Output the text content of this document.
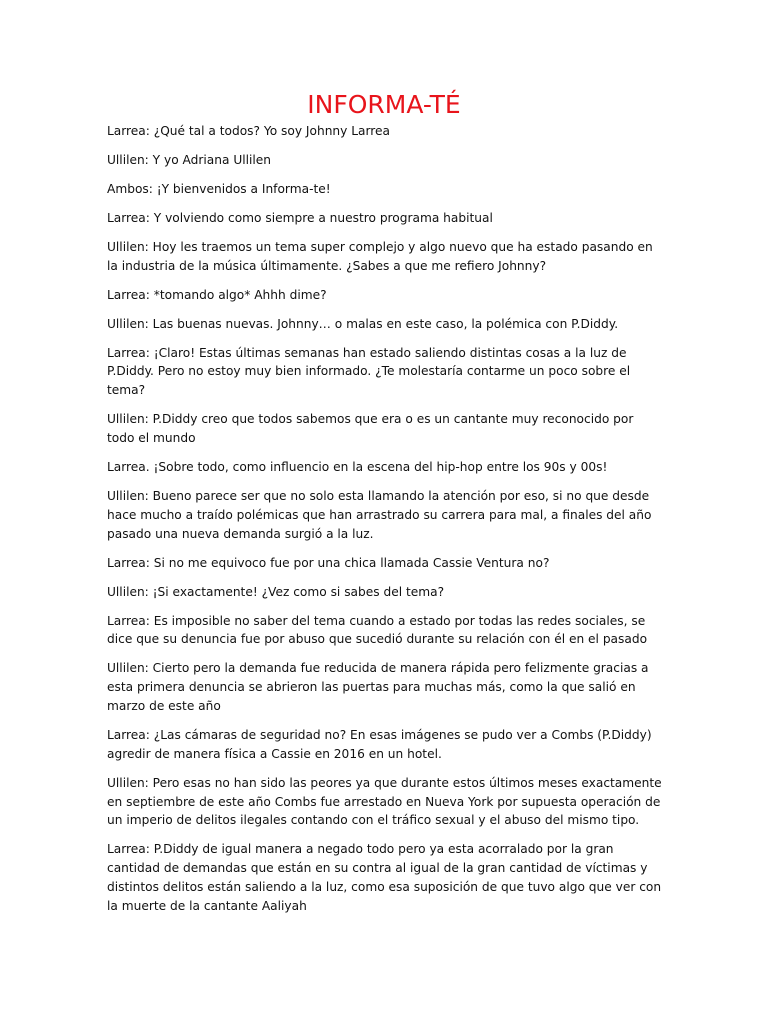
INFORMA-TÉ

Larrea: ¿Qué tal a todos? Yo soy Johnny Larrea

Ullilen: Y yo Adriana Ullilen

Ambos: ¡Y bienvenidos a Informa-te!

Larrea: Y volviendo como siempre a nuestro programa habitual

Ullilen: Hoy les traemos un tema super complejo y algo nuevo que ha estado pasando en la industria de la música últimamente. ¿Sabes a que me refiero Johnny?

Larrea: *tomando algo* Ahhh dime?

Ullilen: Las buenas nuevas. Johnny… o malas en este caso, la polémica con P.Diddy.

Larrea: ¡Claro! Estas últimas semanas han estado saliendo distintas cosas a la luz de P.Diddy. Pero no estoy muy bien informado. ¿Te molestaría contarme un poco sobre el tema?

Ullilen: P.Diddy creo que todos sabemos que era o es un cantante muy reconocido por todo el mundo

Larrea. ¡Sobre todo, como influencio en la escena del hip-hop entre los 90s y 00s!

Ullilen: Bueno parece ser que no solo esta llamando la atención por eso, si no que desde hace mucho a traído polémicas que han arrastrado su carrera para mal, a finales del año pasado una nueva demanda surgió a la luz.

Larrea: Si no me equivoco fue por una chica llamada Cassie Ventura no?

Ullilen: ¡Si exactamente! ¿Vez como si sabes del tema?

Larrea: Es imposible no saber del tema cuando a estado por todas las redes sociales, se dice que su denuncia fue por abuso que sucedió durante su relación con él en el pasado

Ullilen: Cierto pero la demanda fue reducida de manera rápida pero felizmente gracias a esta primera denuncia se abrieron las puertas para muchas más, como la que salió en marzo de este año

Larrea: ¿Las cámaras de seguridad no? En esas imágenes se pudo ver a Combs (P.Diddy) agredir de manera física a Cassie en 2016 en un hotel.

Ullilen: Pero esas no han sido las peores ya que durante estos últimos meses exactamente en septiembre de este año Combs fue arrestado en Nueva York por supuesta operación de un imperio de delitos ilegales contando con el tráfico sexual y el abuso del mismo tipo.

Larrea: P.Diddy de igual manera a negado todo pero ya esta acorralado por la gran cantidad de demandas que están en su contra al igual de la gran cantidad de víctimas y distintos delitos están saliendo a la luz, como esa suposición de que tuvo algo que ver con la muerte de la cantante Aaliyah
